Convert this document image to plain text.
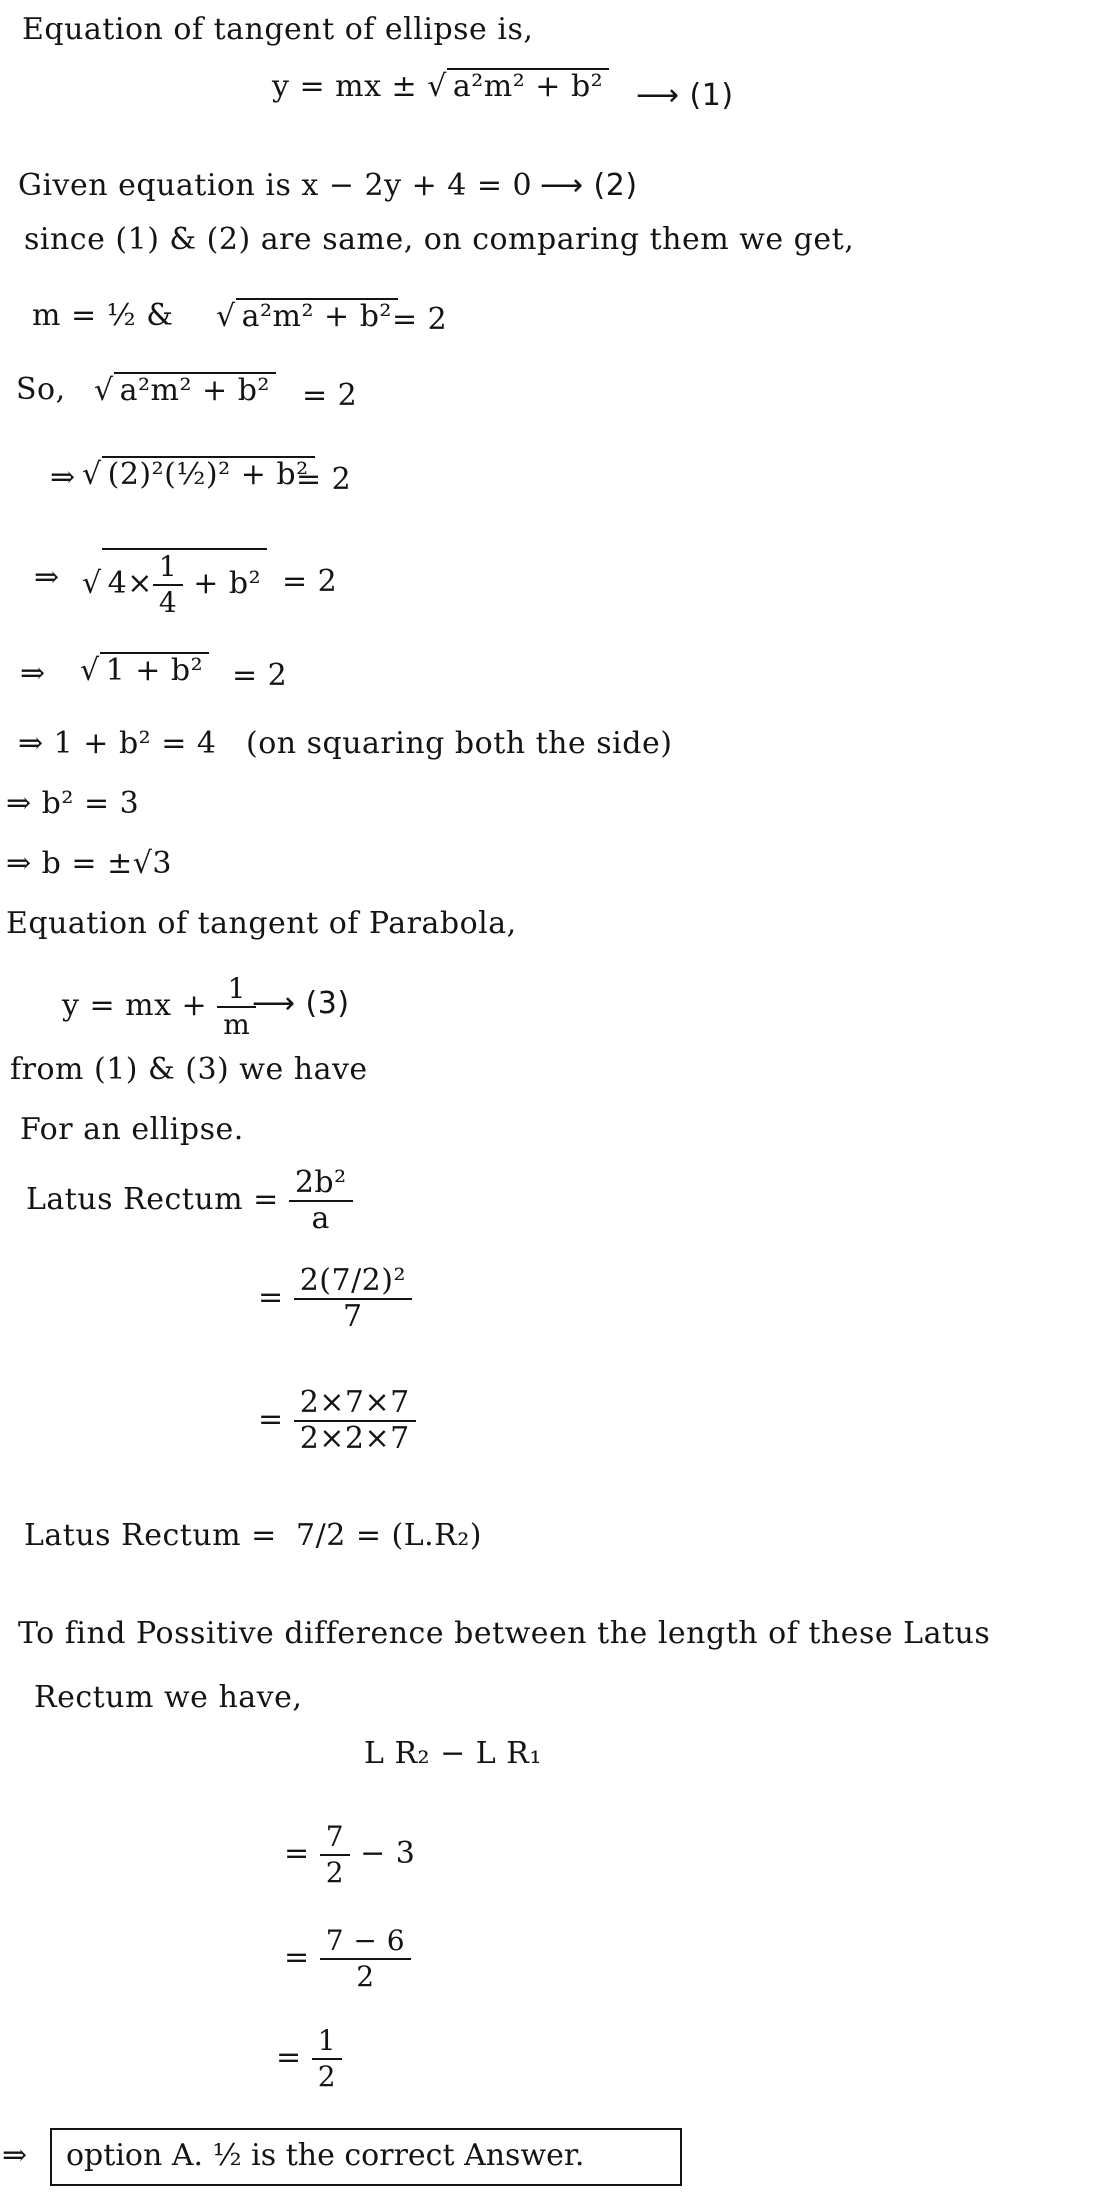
Equation of tangent of ellipse is,
y = mx ± √ a²m² + b² ⟶ (1)
Given equation is x − 2y + 4 = 0 ⟶ (2)
since (1) & (2) are same, on comparing them we get,
m = ½ & √ a²m² + b² = 2
So, √ a²m² + b² = 2
⇒ √ (2)²(½)² + b²
= 2
⇒ √ $4\times \frac{1}{4} + b^2 = 2$
⇒ √ 1 + b² = 2
⇒ 1 + b² = 4 (on squaring both the side)
⇒ b² = 3
⇒ b = ±√3
Equation of tangent of Parabola,
y = mx + $\frac{1}{m}$
⟶ (3)
from (1) & (3) we have
For an ellipse.
Latus Rectum = $\frac{\text{2b²}}{a}$
= $\frac{\text{2(7/2)²}}{7}$
= $\frac{2\times 7\times 7}{2\times 2\times 7}$
Latus Rectum = 7/2 = (L.R₂)
To find Possitive difference between the length of these Latus
Rectum we have,
L R₂ − L R₁
= $\frac{7}{2} - 3$
= $\frac{7 - 6}{2}$
= $\frac{1}{2}$
⇒ option A. ½ is the correct Answer.
